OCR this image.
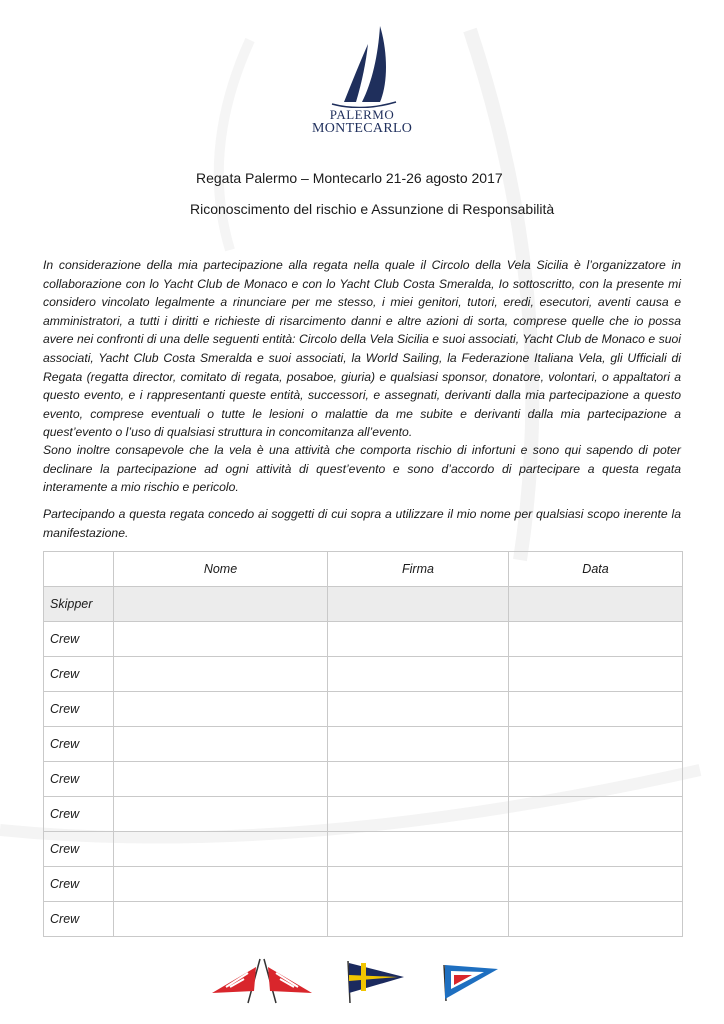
PALERMO
MONTECARLO
Regata Palermo – Montecarlo 21-26 agosto 2017
Riconoscimento del rischio e Assunzione di Responsabilità

In considerazione della mia partecipazione alla regata nella quale il Circolo della Vela Sicilia è l’organizzatore in collaborazione con lo Yacht Club de Monaco e con lo Yacht Club Costa Smeralda, Io sottoscritto, con la presente mi considero vincolato legalmente a rinunciare per me stesso, i miei genitori, tutori, eredi, esecutori, aventi causa e amministratori, a tutti i diritti e richieste di risarcimento danni e altre azioni di sorta, comprese quelle che io possa avere nei confronti di una delle seguenti entità: Circolo della Vela Sicilia e suoi associati, Yacht Club de Monaco e suoi associati, Yacht Club Costa Smeralda e suoi associati, la World Sailing, la Federazione Italiana Vela, gli Ufficiali di Regata (regatta director, comitato di regata, posaboe, giuria) e qualsiasi sponsor, donatore, volontari, o appaltatori a questo evento, e i rappresentanti queste entità, successori, e assegnati, derivanti dalla mia partecipazione a questo evento, comprese eventuali o tutte le lesioni o malattie da me subite e derivanti dalla mia partecipazione a quest’evento o l’uso di qualsiasi struttura in concomitanza all’evento.

Sono inoltre consapevole che la vela è una attività che comporta rischio di infortuni e sono qui sapendo di poter declinare la partecipazione ad ogni attività di quest’evento e sono d’accordo di partecipare a questa regata interamente a mio rischio e pericolo.

Partecipando a questa regata concedo ai soggetti di cui sopra a utilizzare il mio nome per qualsiasi scopo inerente la manifestazione.

	Nome	Firma	Data
Skipper			
Crew			
Crew			
Crew			
Crew			
Crew			
Crew			
Crew			
Crew			
Crew			
